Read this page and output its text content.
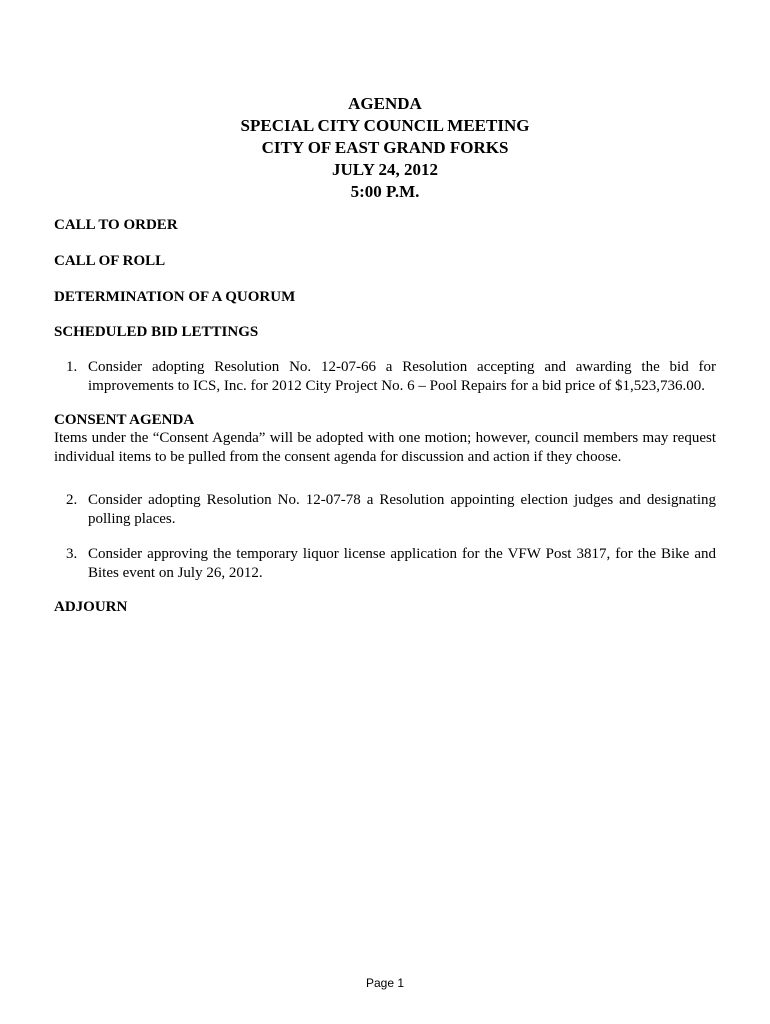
AGENDA
SPECIAL CITY COUNCIL MEETING
CITY OF EAST GRAND FORKS
JULY 24, 2012
5:00 P.M.
CALL TO ORDER
CALL OF ROLL
DETERMINATION OF A QUORUM
SCHEDULED BID LETTINGS
1. Consider adopting Resolution No. 12-07-66 a Resolution accepting and awarding the bid for improvements to ICS, Inc. for 2012 City Project No. 6 – Pool Repairs for a bid price of $1,523,736.00.
CONSENT AGENDA
Items under the “Consent Agenda” will be adopted with one motion; however, council members may request individual items to be pulled from the consent agenda for discussion and action if they choose.
2. Consider adopting Resolution No. 12-07-78 a Resolution appointing election judges and designating polling places.
3. Consider approving the temporary liquor license application for the VFW Post 3817, for the Bike and Bites event on July 26, 2012.
ADJOURN
Page 1
